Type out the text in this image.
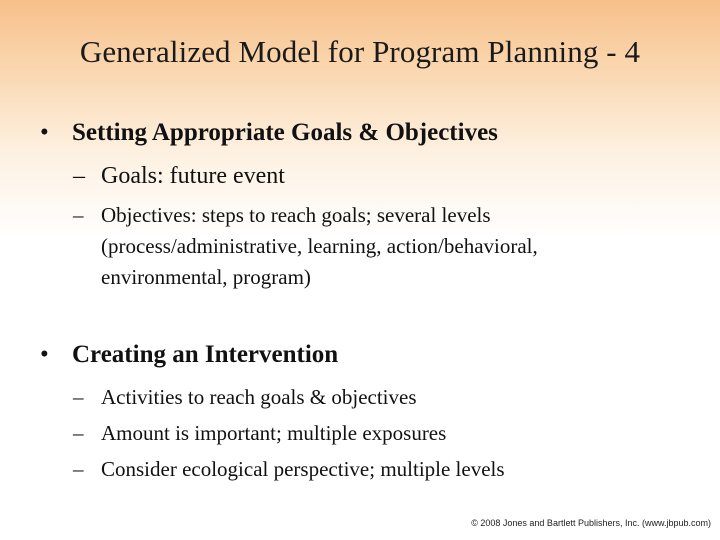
Generalized Model for Program Planning - 4
• Setting Appropriate Goals & Objectives
– Goals: future event
– Objectives: steps to reach goals; several levels
(process/administrative, learning, action/behavioral,
environmental, program)
• Creating an Intervention
– Activities to reach goals & objectives
– Amount is important; multiple exposures
– Consider ecological perspective; multiple levels
© 2008 Jones and Bartlett Publishers, Inc. (www.jbpub.com)
